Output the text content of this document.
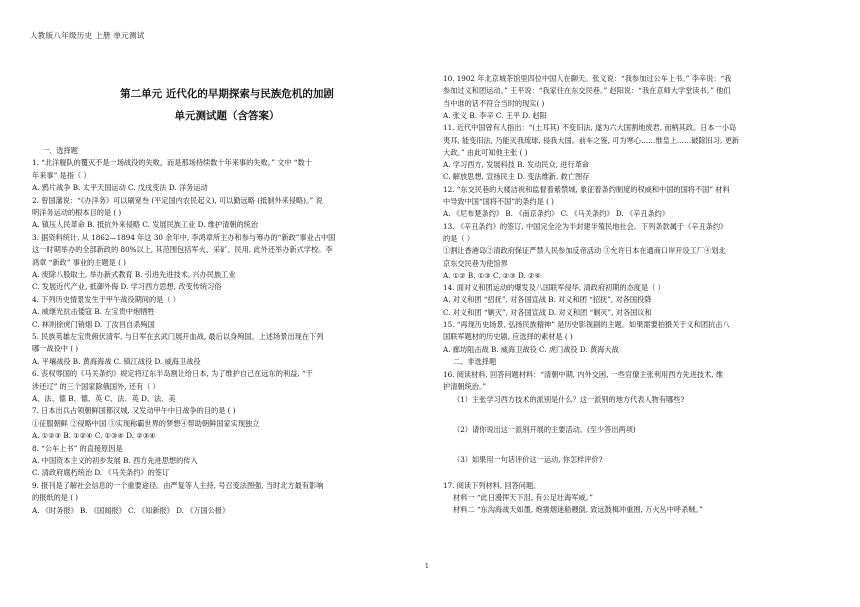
人教版八年级历史 上册 单元测试
第二单元 近代化的早期探索与民族危机的加剧
单元测试题（含答案）
一、选择题
1. “北洋舰队的覆灭不是一场战役的失败，而是那场持续数十年来事的失败。” 文中 “数十
年来事” 是指（ ）
A. 鸦片战争 B. 太平天国运动 C. 戊戌变法 D. 洋务运动
2. 曾国藩说：“《办洋务》可以刷宽叁 (平定国内农民起义), 可以勤远略 (抵制外来侵略)。” 说
明洋务运动的根本目的是 ( )
A. 镇压人民革命 B. 抵抗外来侵略 C. 发展民族工业 D. 维护清朝的统治
3. 据资料统计, 从 1862—1894 年这 30 余年中, 李鸿章所主办和参与筹办的“新政”事业占中国
这一时期举办的全部新政的 80%以上, 其范围包括军火、采矿、民用, 此外还举办新式学校。李
鸿章 “新政” 事业的主题是 ( )
A. 废除八股取士, 举办新式教育 B. 引进先进技术, 兴办民族工业
C. 发展近代产业, 抵御外侮 D. 学习西方思想, 改变传统习俗
4. 下列历史情景发生于甲午战役期间的是（ ）
A. 威继光抗击倭寇 B. 左宝贵中炮牺牲
C. 林则徐虎门销烟 D. 丁汝昌自杀殉国
5. 民族英雄左宝贵俯伏清军, 与日军在玄武门展开血战, 最后以身殉国。上述场景出现在下列
哪一战役中 ( )
A. 平壤战役 B. 黄海海战 C. 镇江战役 D. 威海卫战役
6. 丧权辱国的《马关条约》规定将辽东半岛割让给日本, 为了维护自己在远东的利益, “干
涉还辽” 的三个国家除俄国外, 还有（ ）
A、法、德 B、德、英 C、法、英 D、法、美
7. 日本出兵占领朝鲜国都汉城, 又发动甲午中日战争的目的是 ( )
①征服朝鲜 ②侵略中国 ③实现称霸世界的梦想④帮助朝鲜国家实现独立
A. ①②③ B. ①②④ C. ①③④ D. ②③④
8. “公车上书” 的直接原因是
A. 中国资本主义的初步发展 B. 西方先进思想的传入
C. 清政府腐朽统治 D. 《马关条约》的签订
9. 报刊是了解社会信息的一个重要途径。由严复等人主持, 号召变法图强, 当时北方最有影响
的报纸的是 ( )
A. 《时务报》 B. 《国闻报》 C. 《知新报》 D. 《万国公报》
10. 1902 年北京城茶馆里四位中国人在聊天。张义说：“我参加过公车上书。” 李辛说：“我
参加过义和团运动。” 王平说：“我家住在东交民巷。” 赵阳说：“我在京师大学堂读书。” 他们
当中谁的话不符合当时的现实( )
A. 张义 B. 李辛 C. 王平 D. 赵阳
11. 近代中国曾有人指出：“(土耳其) 不变旧法, 遂为六大国割地废君, 而柄其政。日本一小岛
夷耳, 能变旧法, 乃能灭我琉球, 侵我大国。前车之鉴, 可为寒心……惟皇上……破除旧习, 更新
大政。” 由此可知他主张 ( )
A. 学习西方, 发展科技 B. 发动民众, 进行革命
C. 解放思想, 宣扬民主 D. 变法维新, 救亡图存
12. “东交民巷的大楼洁祝和监督着紫禁城, 象征着条约制度的权威和中国的国将不国” 材料
中导致中国“国将不国”的条约是 ( )
A. 《尼布楚条约》 B. 《南京条约》 C. 《马关条约》 D. 《辛丑条约》
13. 《辛丑条约》的签订, 中国完全沦为半封建半殖民地社会。下列条款属于《辛丑条约》
的是（ ）
①割让香港岛②清政府保证严禁人民参加反帝活动 ③允许日本在通商口岸开设工厂④划北
京东交民巷为使馆界
A. ①② B. ①③ C. ②③ D. ②④
14. 面对义和团运动的爆发及八国联军侵华, 清政府初期的态度是（ ）
A. 对义和团 “招抚”, 对各国宣战 B. 对义和团 “招抚”, 对各国投降
C. 对义和团 “剿灭”, 对各国宣战 D. 对义和团 “剿灭”, 对各国议和
15. “再现历史场景, 弘扬民族精神” 是历史影视剧的主题。如果需要拍摄关于义和团抗击八
国联军题材的历史剧, 应选择的素材是 ( )
A. 廊坊阻击战 B. 威海卫战役 C. 虎门战役 D. 黄海大战
二、非选择题
16. 阅读材料, 回答问题材料：“清朝中期, 内外交困, 一些官僚主张利用西方先进技术, 维
护清朝统治。”
（1）主张学习西方技术的派别是什么？这一派别的地方代表人物有哪些?
（2）请你说出这一派别开展的主要活动。(至少答出两项)
（3）如果用一句话评价这一运动, 你怎样评价?
17. 阅读下列材料, 回答问题。
材料一 “此日漫挥天下泪, 有公足壮海军威。”
材料二 “东沟海战天如墨, 炮震烟迷船艘倒, 致远鼓楫冲重围, 万火丛中呼杀贼。”
1
